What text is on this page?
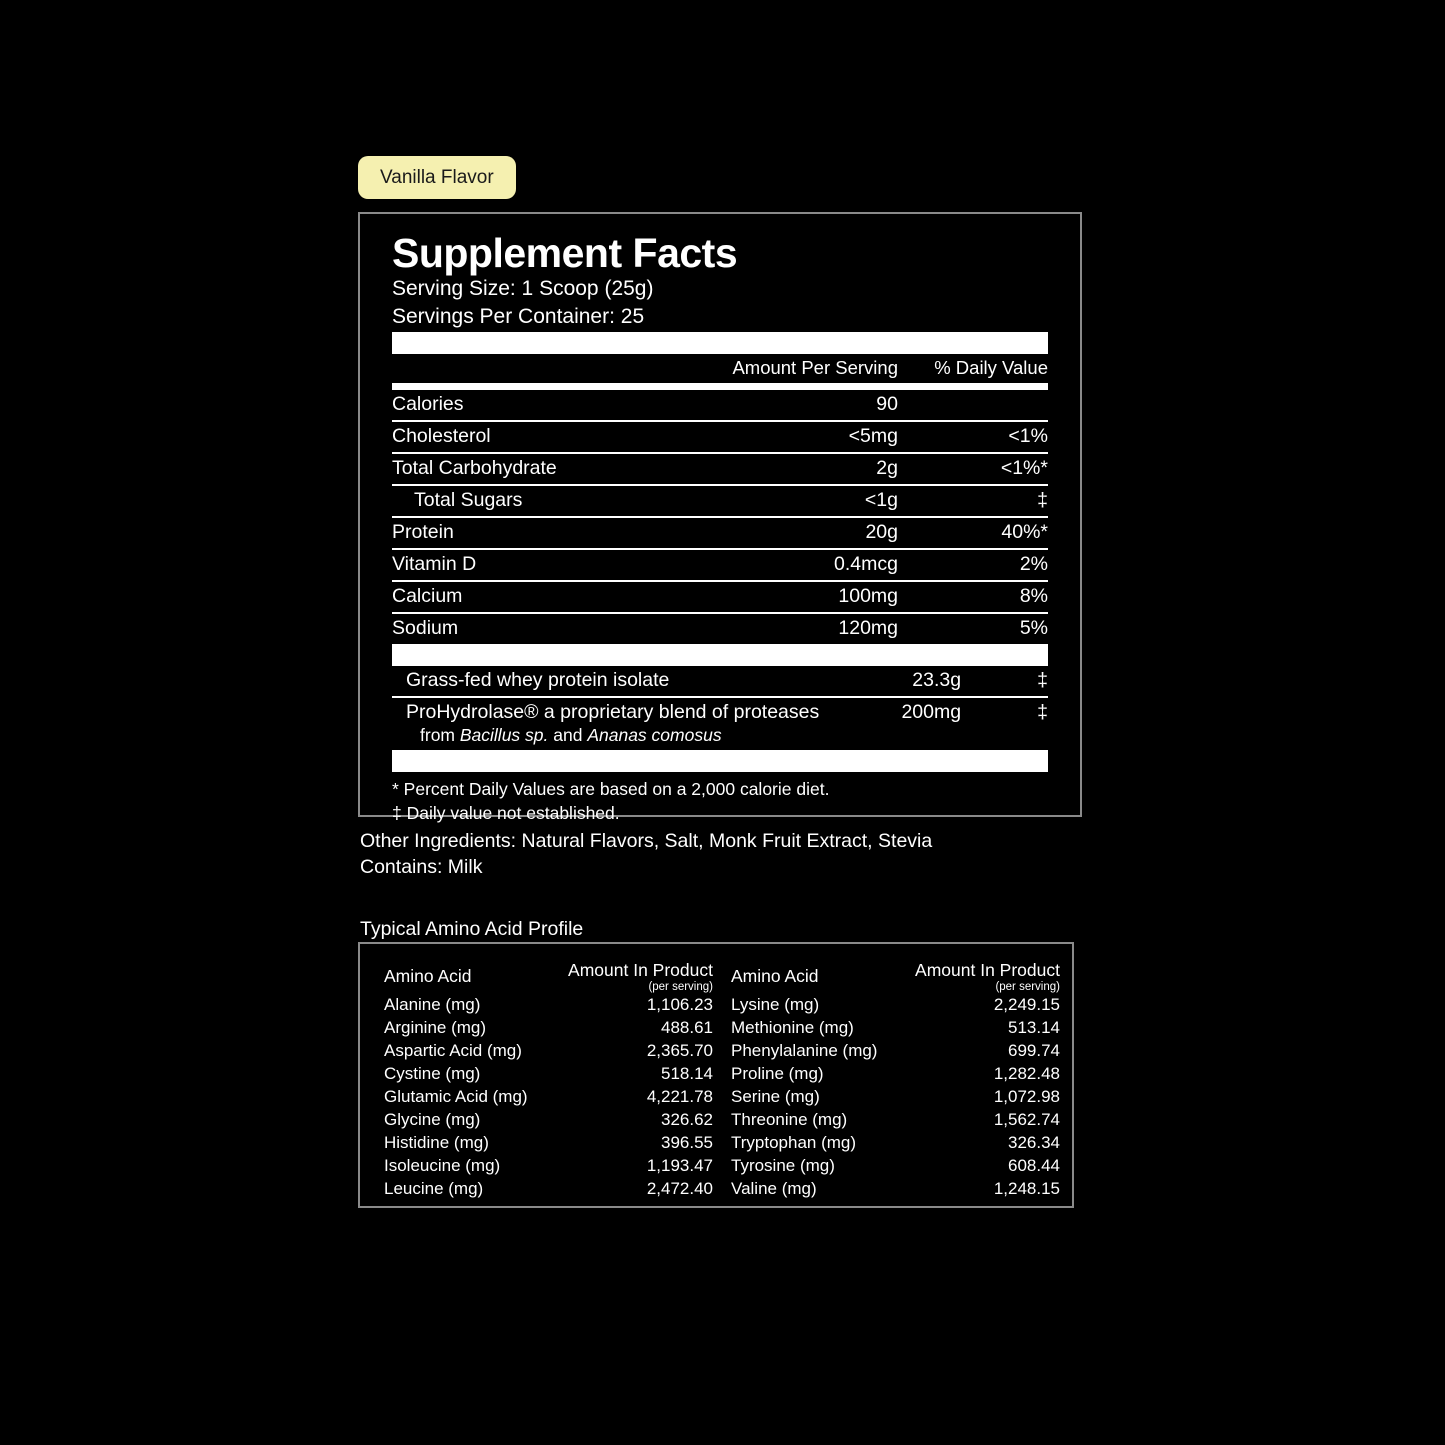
Vanilla Flavor
Supplement Facts
Serving Size: 1 Scoop (25g)
Servings Per Container: 25
	Amount Per Serving	% Daily Value
Calories	90	
Cholesterol	<5mg	<1%
Total Carbohydrate	2g	<1%*
Total Sugars	<1g	‡
Protein	20g	40%*
Vitamin D	0.4mcg	2%
Calcium	100mg	8%
Sodium	120mg	5%
Grass-fed whey protein isolate	23.3g	‡
ProHydrolase® a proprietary blend of proteases
from Bacillus sp. and Ananas comosus	200mg	‡
* Percent Daily Values are based on a 2,000 calorie diet.
‡ Daily value not established.
Other Ingredients: Natural Flavors, Salt, Monk Fruit Extract, Stevia
Contains: Milk
Typical Amino Acid Profile
Amino Acid	Amount In Product
(per serving)

Alanine (mg)	1,106.23
Arginine (mg)	488.61
Aspartic Acid (mg)	2,365.70
Cystine (mg)	518.14
Glutamic Acid (mg)	4,221.78
Glycine (mg)	326.62
Histidine (mg)	396.55
Isoleucine (mg)	1,193.47
Leucine (mg)	2,472.40
Amino Acid	Amount In Product
(per serving)

Lysine (mg)	2,249.15
Methionine (mg)	513.14
Phenylalanine (mg)	699.74
Proline (mg)	1,282.48
Serine (mg)	1,072.98
Threonine (mg)	1,562.74
Tryptophan (mg)	326.34
Tyrosine (mg)	608.44
Valine (mg)	1,248.15
